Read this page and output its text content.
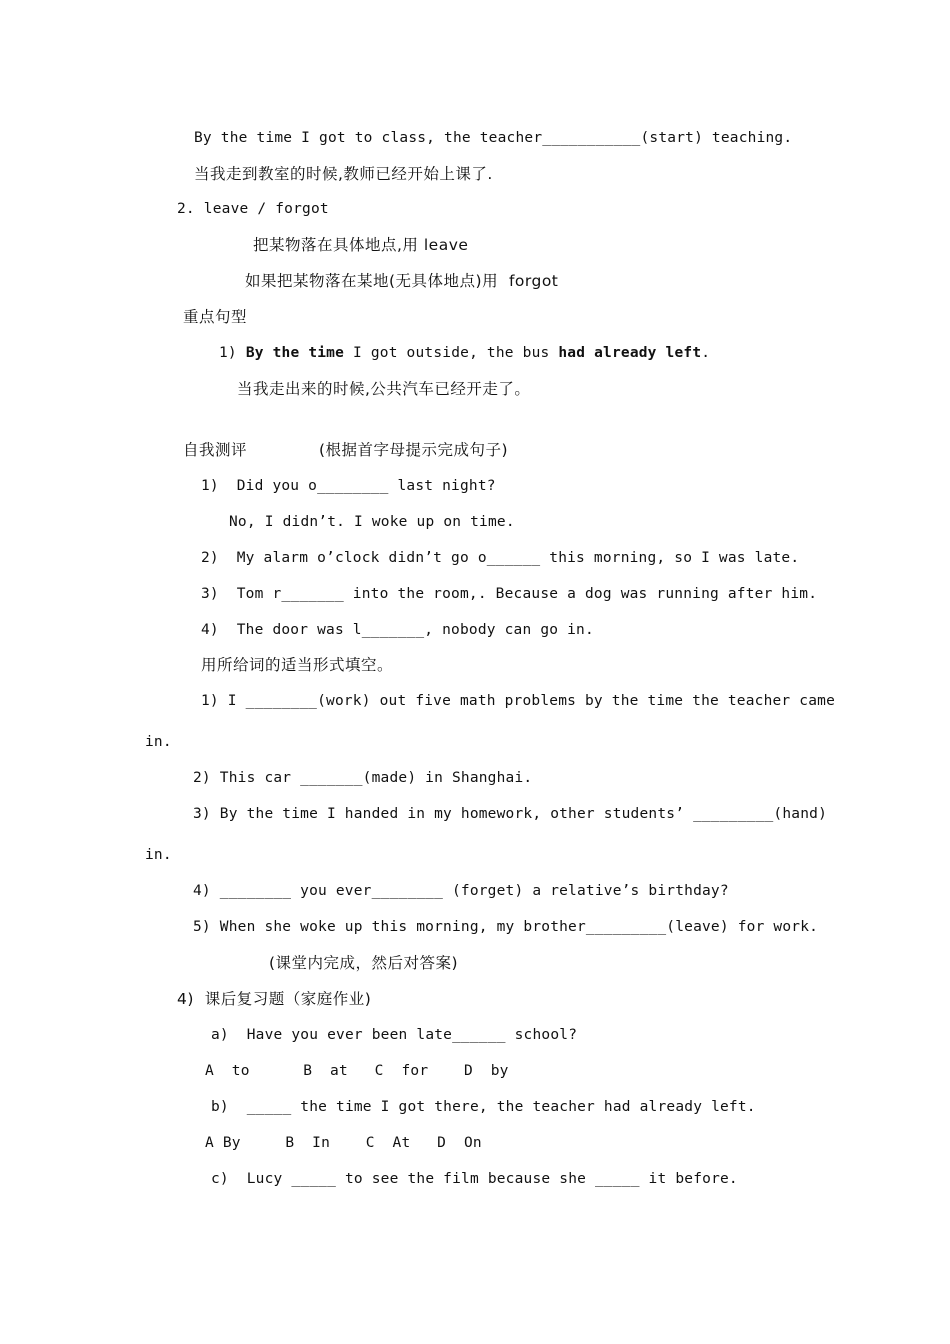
By the time I got to class, the teacher___________(start) teaching.
当我走到教室的时候,教师已经开始上课了.
2. leave / forgot
把某物落在具体地点,用 leave
如果把某物落在某地(无具体地点)用  forgot
重点句型
1) By the time I got outside, the bus had already left.
当我走出来的时候,公共汽车已经开走了。
自我测评	(根据首字母提示完成句子)
1)  Did you o________ last night?
No, I didn’t. I woke up on time.
2)  My alarm o’clock didn’t go o______ this morning, so I was late.
3)  Tom r_______ into the room,. Because a dog was running after him.
4)  The door was l_______, nobody can go in.
用所给词的适当形式填空。
1) I ________(work) out five math problems by the time the teacher came
in.
2) This car _______(made) in Shanghai.
3) By the time I handed in my homework, other students’ _________(hand)
in.
4) ________ you ever________ (forget) a relative’s birthday?
5) When she woke up this morning, my brother_________(leave) for work.
(课堂内完成，然后对答案)
4)  课后复习题（家庭作业)
a)  Have you ever been late______ school?
A  to      B  at   C  for    D  by
b)  _____ the time I got there, the teacher had already left.
A By     B  In    C  At   D  On
c)  Lucy _____ to see the film because she _____ it before.
